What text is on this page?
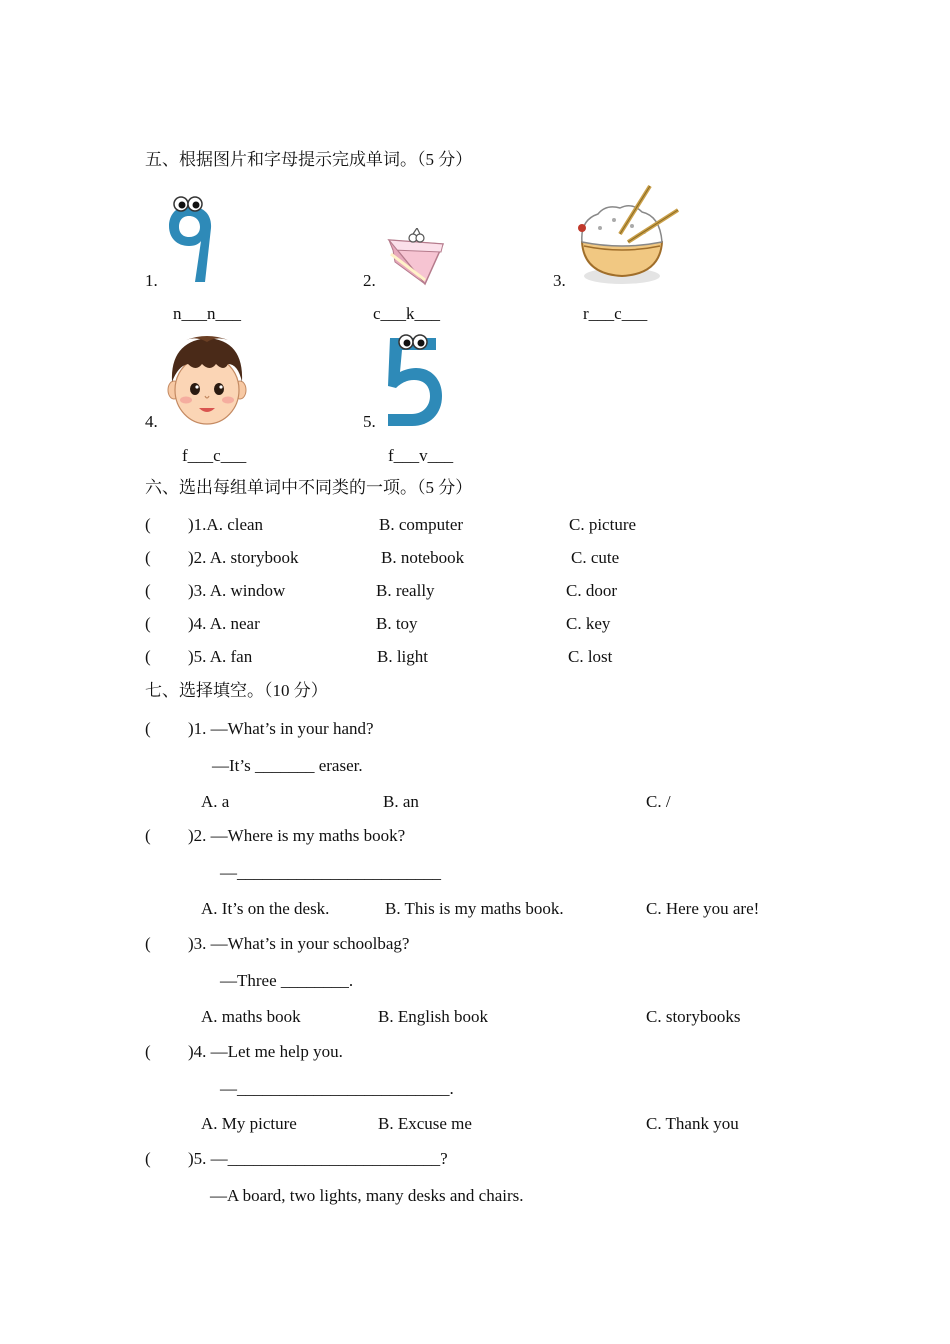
五、根据图片和字母提示完成单词。（5 分）
1.
n___n___
2.
c___k___
3.
r___c___
4.
f___c___
5.
f___v___
六、选出每组单词中不同类的一项。（5 分）
( )1.A. clean	B. computer	C. picture
( )2. A. storybook	B. notebook	C. cute
( )3. A. window	B. really	C. door
( )4. A. near	B. toy	C. key
( )5. A. fan	B. light	C. lost
七、选择填空。（10 分）
( )1. —What’s in your hand?
—It’s _______ eraser.
A. a	B. an	C. /
( )2. —Where is my maths book?
—________________________
A. It’s on the desk.	B. This is my maths book.	C. Here you are!
( )3. —What’s in your schoolbag?
—Three ________.
A. maths book	B. English book	C. storybooks
( )4. —Let me help you.
—_________________________.
A. My picture	B. Excuse me	C. Thank you
( )5. —_________________________?
—A board, two lights, many desks and chairs.
